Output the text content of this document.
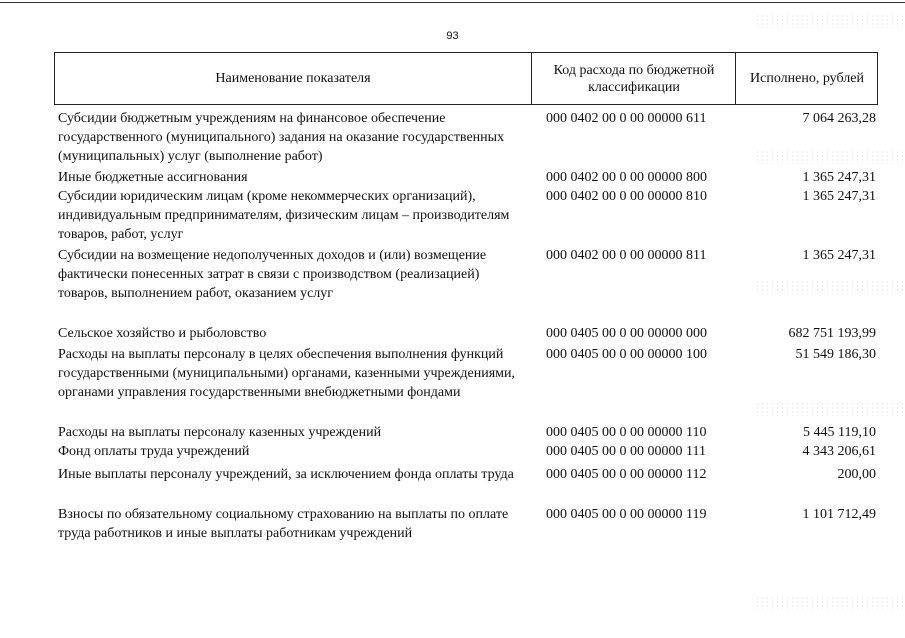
93
Наименование показателя
Код расхода по бюджетной классификации
Исполнено, рублей
Субсидии бюджетным учреждениям на финансовое обеспечение государственного (муниципального) задания на оказание государственных (муниципальных) услуг (выполнение работ)
000 0402 00 0 00 00000 611	7 064 263,28
Иные бюджетные ассигнования	000 0402 00 0 00 00000 800	1 365 247,31
Субсидии юридическим лицам (кроме некоммерческих организаций), индивидуальным предпринимателям, физическим лицам – производителям товаров, работ, услуг
000 0402 00 0 00 00000 810	1 365 247,31
Субсидии на возмещение недополученных доходов и (или) возмещение фактически понесенных затрат в связи с производством (реализацией) товаров, выполнением работ, оказанием услуг
000 0402 00 0 00 00000 811	1 365 247,31
Сельское хозяйство и рыболовство	000 0405 00 0 00 00000 000	682 751 193,99
Расходы на выплаты персоналу в целях обеспечения выполнения функций государственными (муниципальными) органами, казенными учреждениями, органами управления государственными внебюджетными фондами
000 0405 00 0 00 00000 100	51 549 186,30
Расходы на выплаты персоналу казенных учреждений	000 0405 00 0 00 00000 110	5 445 119,10
Фонд оплаты труда учреждений	000 0405 00 0 00 00000 111	4 343 206,61
Иные выплаты персоналу учреждений, за исключением фонда оплаты труда	000 0405 00 0 00 00000 112	200,00
Взносы по обязательному социальному страхованию на выплаты по оплате труда работников и иные выплаты работникам учреждений
000 0405 00 0 00 00000 119	1 101 712,49
